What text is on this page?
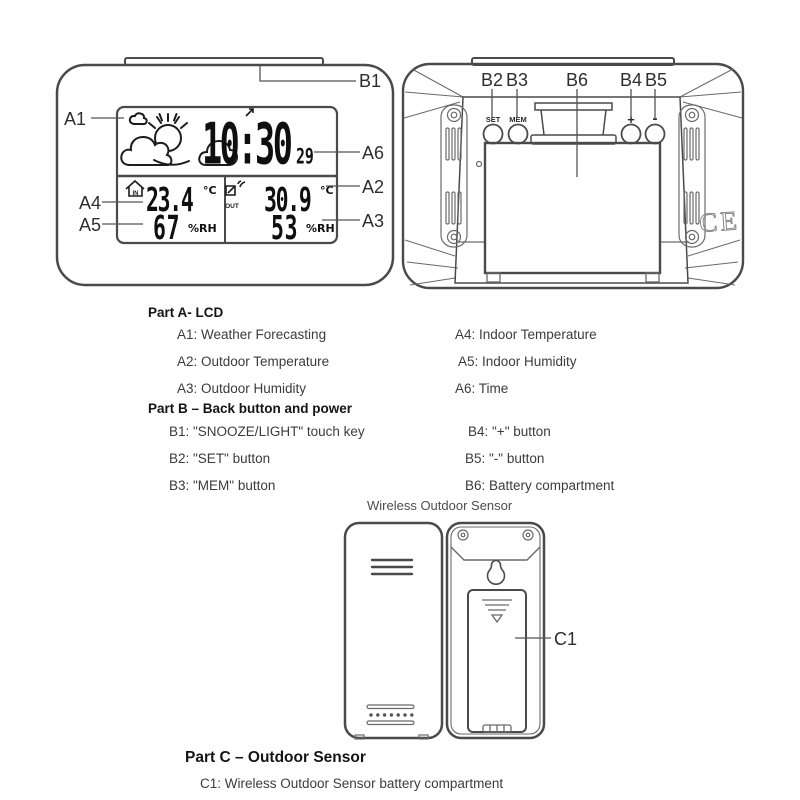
IN
OUT
10:30 29
23.4 °C
67 %RH
30.9 °C
53 %RH
SET MEM	+ -
CE
A1
A4
A5
B1
A6
A2
A3
B2 B3 B6 B4 B5
C1
Part A- LCD
A1: Weather Forecasting
A2: Outdoor Temperature
A3: Outdoor Humidity
A4: Indoor Temperature
A5: Indoor Humidity
A6: Time
Part B – Back button and power
B1: "SNOOZE/LIGHT" touch key
B2: "SET" button
B3: "MEM" button
B4: "+" button
B5: "-" button
B6: Battery compartment
Wireless Outdoor Sensor
Part C – Outdoor Sensor
C1: Wireless Outdoor Sensor battery compartment
